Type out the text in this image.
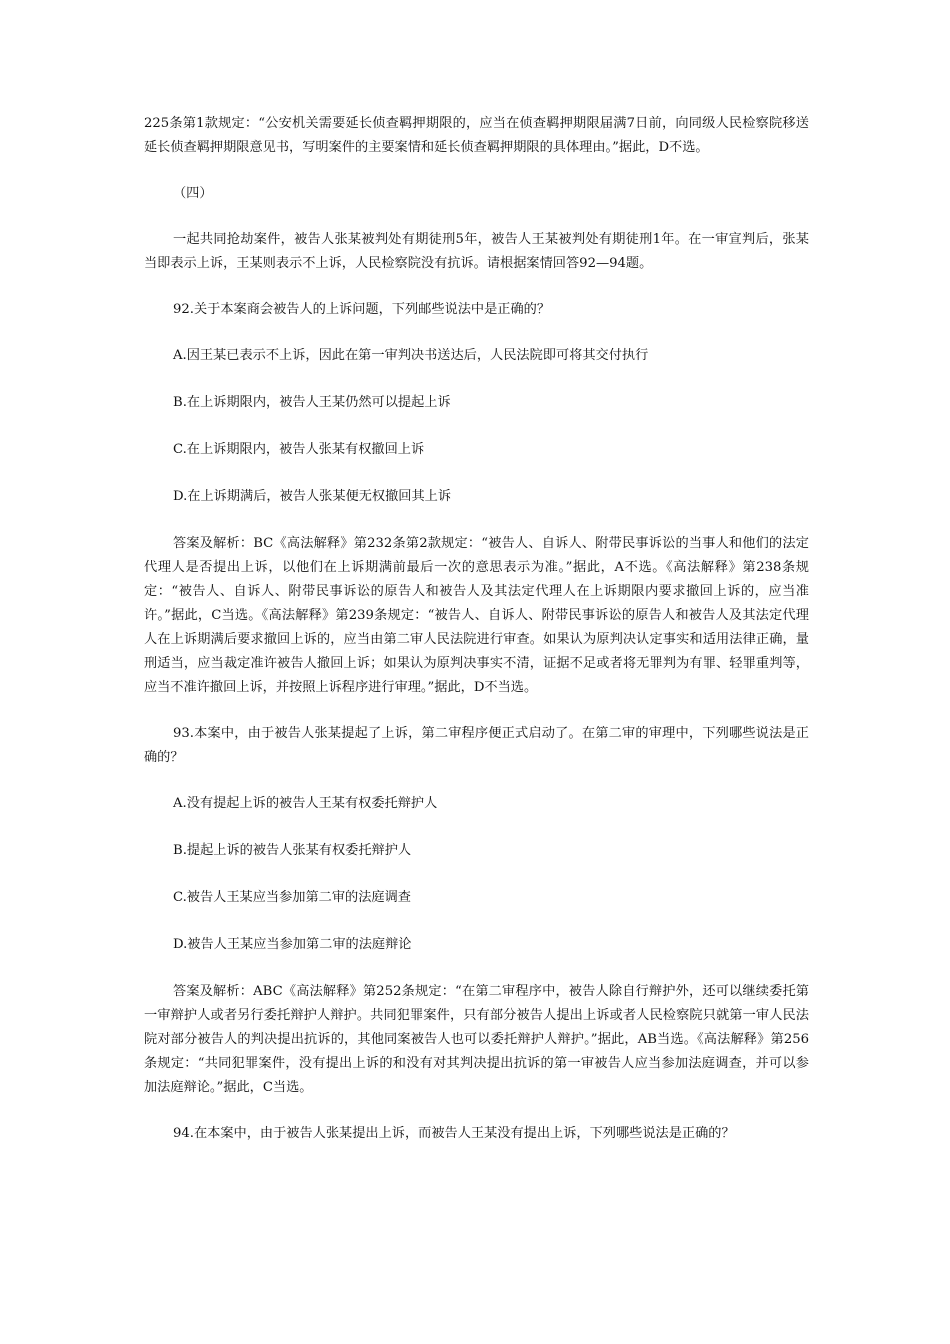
225条第1款规定：“公安机关需要延长侦查羁押期限的，应当在侦查羁押期限届满7日前，向同级人民检察院移送延长侦查羁押期限意见书，写明案件的主要案情和延长侦查羁押期限的具体理由。”据此，D不选。

（四）

一起共同抢劫案件，被告人张某被判处有期徒刑5年，被告人王某被判处有期徒刑1年。在一审宣判后，张某当即表示上诉，王某则表示不上诉，人民检察院没有抗诉。请根据案情回答92—94题。

92.关于本案商会被告人的上诉问题，下列邮些说法中是正确的？

A.因王某已表示不上诉，因此在第一审判决书送达后，人民法院即可将其交付执行

B.在上诉期限内，被告人王某仍然可以提起上诉

C.在上诉期限内，被告人张某有权撤回上诉

D.在上诉期满后，被告人张某便无权撤回其上诉

答案及解析：BC《高法解释》第232条第2款规定：“被告人、自诉人、附带民事诉讼的当事人和他们的法定代理人是否提出上诉，以他们在上诉期满前最后一次的意思表示为准。”据此，A不选。《高法解释》第238条规定：“被告人、自诉人、附带民事诉讼的原告人和被告人及其法定代理人在上诉期限内要求撤回上诉的，应当准许。”据此，C当选。《高法解释》第239条规定：“被告人、自诉人、附带民事诉讼的原告人和被告人及其法定代理人在上诉期满后要求撤回上诉的，应当由第二审人民法院进行审查。如果认为原判决认定事实和适用法律正确，量刑适当，应当裁定准许被告人撤回上诉；如果认为原判决事实不清，证据不足或者将无罪判为有罪、轻罪重判等，应当不准许撤回上诉，并按照上诉程序进行审理。”据此，D不当选。

93.本案中，由于被告人张某提起了上诉，第二审程序便正式启动了。在第二审的审理中，下列哪些说法是正确的？

A.没有提起上诉的被告人王某有权委托辩护人

B.提起上诉的被告人张某有权委托辩护人

C.被告人王某应当参加第二审的法庭调查

D.被告人王某应当参加第二审的法庭辩论

答案及解析：ABC《高法解释》第252条规定：“在第二审程序中，被告人除自行辩护外，还可以继续委托第一审辩护人或者另行委托辩护人辩护。共同犯罪案件，只有部分被告人提出上诉或者人民检察院只就第一审人民法院对部分被告人的判决提出抗诉的，其他同案被告人也可以委托辩护人辩护。”据此，AB当选。《高法解释》第256条规定：“共同犯罪案件，没有提出上诉的和没有对其判决提出抗诉的第一审被告人应当参加法庭调查，并可以参加法庭辩论。”据此，C当选。

94.在本案中，由于被告人张某提出上诉，而被告人王某没有提出上诉，下列哪些说法是正确的？
